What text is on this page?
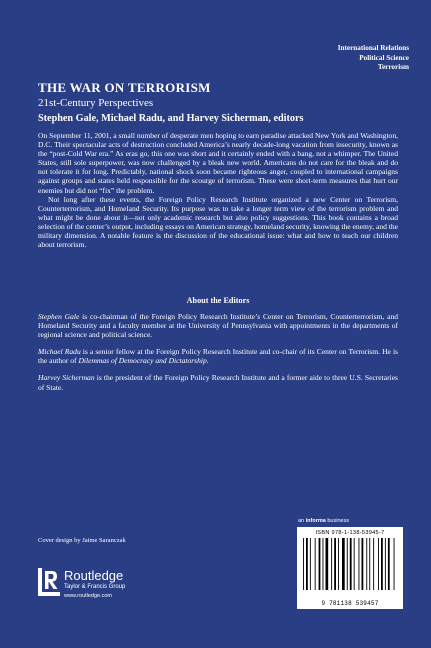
International Relations
Political Science
Terrorism
THE WAR ON TERRORISM
21st-Century Perspectives
Stephen Gale, Michael Radu, and Harvey Sicherman, editors

On September 11, 2001, a small number of desperate men hoping to earn paradise attacked New York and Washington, D.C. Their spectacular acts of destruction concluded America’s nearly decade-long vacation from insecurity, known as the “post-Cold War era.” As eras go, this one was short and it certainly ended with a bang, not a whimper. The United States, still sole superpower, was now challenged by a bleak new world. Americans do not care for the bleak and do not tolerate it for long. Predictably, national shock soon became righteous anger, coupled to international campaigns against groups and states held responsible for the scourge of terrorism. These were short-term measures that hurt our enemies but did not “fix” the problem.

Not long after these events, the Foreign Policy Research Institute organized a new Center on Terrorism, Counterterrorism, and Homeland Security. Its purpose was to take a longer term view of the terrorism problem and what might be done about it—not only academic research but also policy suggestions. This book contains a broad selection of the center’s output, including essays on American strategy, homeland security, knowing the enemy, and the military dimension. A notable feature is the discussion of the educational issue: what and how to teach our children about terrorism.

About the Editors

Stephen Gale is co-chairman of the Foreign Policy Research Institute’s Center on Terrorism, Counterterrorism, and Homeland Security and a faculty member at the University of Pennsylvania with appointments in the departments of regional science and political science.

Michael Radu is a senior fellow at the Foreign Policy Research Institute and co-chair of its Center on Terrorism. He is the author of Dilemmas of Democracy and Dictatorship.

Harvey Sicherman is the president of the Foreign Policy Research Institute and a former aide to three U.S. Secretaries of State.

Cover design by Jaime Saranczak
an informa business
ISBN 978-1-138-53945-7
9 781138 539457
Routledge
Taylor & Francis Group
www.routledge.com
